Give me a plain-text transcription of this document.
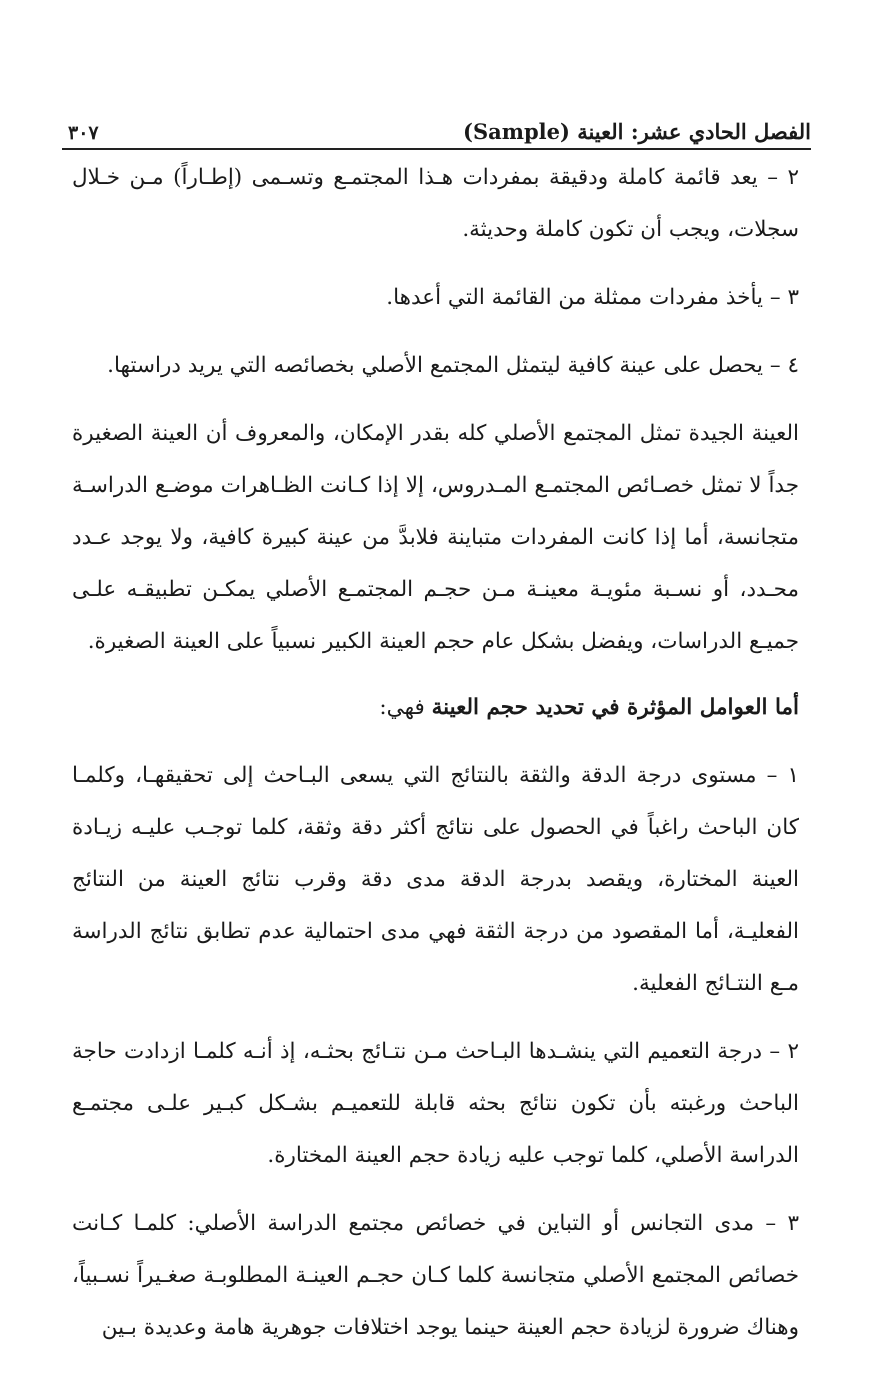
الفصل الحادي عشر: العينة (Sample)
٣٠٧

٢ – يعد قائمة كاملة ودقيقة بمفردات هـذا المجتمـع وتسـمى (إطـاراً) مـن خـلال سجلات، ويجب أن تكون كاملة وحديثة.

٣ – يأخذ مفردات ممثلة من القائمة التي أعدها.

٤ – يحصل على عينة كافية ليتمثل المجتمع الأصلي بخصائصه التي يريد دراستها.

العينة الجيدة تمثل المجتمع الأصلي كله بقدر الإمكان، والمعروف أن العينة الصغيرة جداً لا تمثل خصـائص المجتمـع المـدروس، إلا إذا كـانت الظـاهرات موضـع الدراسـة متجانسة، أما إذا كانت المفردات متباينة فلابدَّ من عينة كبيرة كافية، ولا يوجد عـدد محـدد، أو نسـبة مئويـة معينـة مـن حجـم المجتمـع الأصلي يمكـن تطبيقـه علـى جميـع الدراسات، ويفضل بشكل عام حجم العينة الكبير نسبياً على العينة الصغيرة.

أما العوامل المؤثرة في تحديد حجم العينة فهي:

١ – مستوى درجة الدقة والثقة بالنتائج التي يسعى البـاحث إلى تحقيقهـا، وكلمـا كان الباحث راغباً في الحصول على نتائج أكثر دقة وثقة، كلما توجـب عليـه زيـادة العينة المختارة، ويقصد بدرجة الدقة مدى دقة وقرب نتائج العينة من النتائج الفعليـة، أما المقصود من درجة الثقة فهي مدى احتمالية عدم تطابق نتائج الدراسة مـع النتـائج الفعلية.

٢ – درجة التعميم التي ينشـدها البـاحث مـن نتـائج بحثـه، إذ أنـه كلمـا ازدادت حاجة الباحث ورغبته بأن تكون نتائج بحثه قابلة للتعميـم بشـكل كبـير علـى مجتمـع الدراسة الأصلي، كلما توجب عليه زيادة حجم العينة المختارة.

٣ – مدى التجانس أو التباين في خصائص مجتمع الدراسة الأصلي: كلمـا كـانت خصائص المجتمع الأصلي متجانسة كلما كـان حجـم العينـة المطلوبـة صغـيراً نسـبياً، وهناك ضرورة لزيادة حجم العينة حينما يوجد اختلافات جوهرية هامة وعديدة بـين
